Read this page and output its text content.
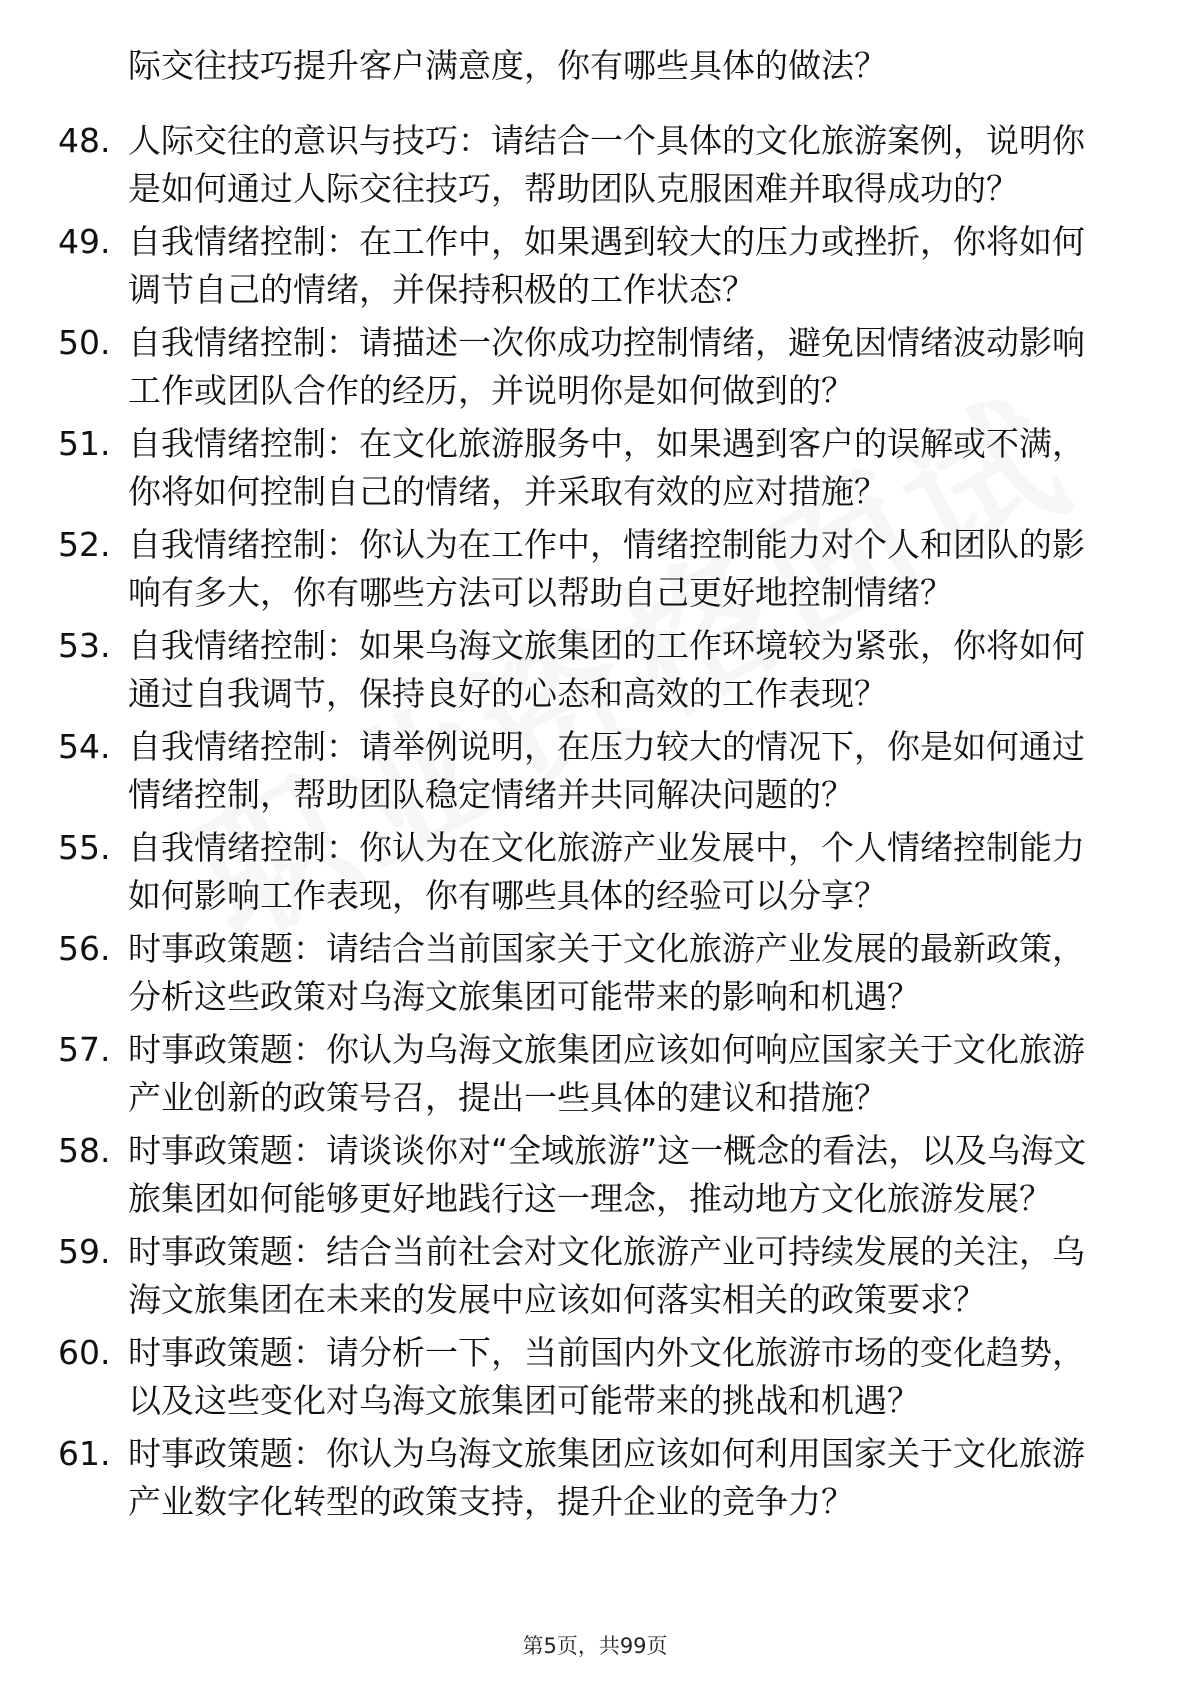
际交往技巧提升客户满意度，你有哪些具体的做法？
48. 人际交往的意识与技巧：请结合一个具体的文化旅游案例，说明你是如何通过人际交往技巧，帮助团队克服困难并取得成功的？
49. 自我情绪控制：在工作中，如果遇到较大的压力或挫折，你将如何调节自己的情绪，并保持积极的工作状态？
50. 自我情绪控制：请描述一次你成功控制情绪，避免因情绪波动影响工作或团队合作的经历，并说明你是如何做到的？
51. 自我情绪控制：在文化旅游服务中，如果遇到客户的误解或不满，你将如何控制自己的情绪，并采取有效的应对措施？
52. 自我情绪控制：你认为在工作中，情绪控制能力对个人和团队的影响有多大，你有哪些方法可以帮助自己更好地控制情绪？
53. 自我情绪控制：如果乌海文旅集团的工作环境较为紧张，你将如何通过自我调节，保持良好的心态和高效的工作表现？
54. 自我情绪控制：请举例说明，在压力较大的情况下，你是如何通过情绪控制，帮助团队稳定情绪并共同解决问题的？
55. 自我情绪控制：你认为在文化旅游产业发展中，个人情绪控制能力如何影响工作表现，你有哪些具体的经验可以分享？
56. 时事政策题：请结合当前国家关于文化旅游产业发展的最新政策，分析这些政策对乌海文旅集团可能带来的影响和机遇？
57. 时事政策题：你认为乌海文旅集团应该如何响应国家关于文化旅游产业创新的政策号召，提出一些具体的建议和措施？
58. 时事政策题：请谈谈你对“全域旅游”这一概念的看法，以及乌海文旅集团如何能够更好地践行这一理念，推动地方文化旅游发展？
59. 时事政策题：结合当前社会对文化旅游产业可持续发展的关注，乌海文旅集团在未来的发展中应该如何落实相关的政策要求？
60. 时事政策题：请分析一下，当前国内外文化旅游市场的变化趋势，以及这些变化对乌海文旅集团可能带来的挑战和机遇？
61. 时事政策题：你认为乌海文旅集团应该如何利用国家关于文化旅游产业数字化转型的政策支持，提升企业的竞争力？
第5页，共99页
